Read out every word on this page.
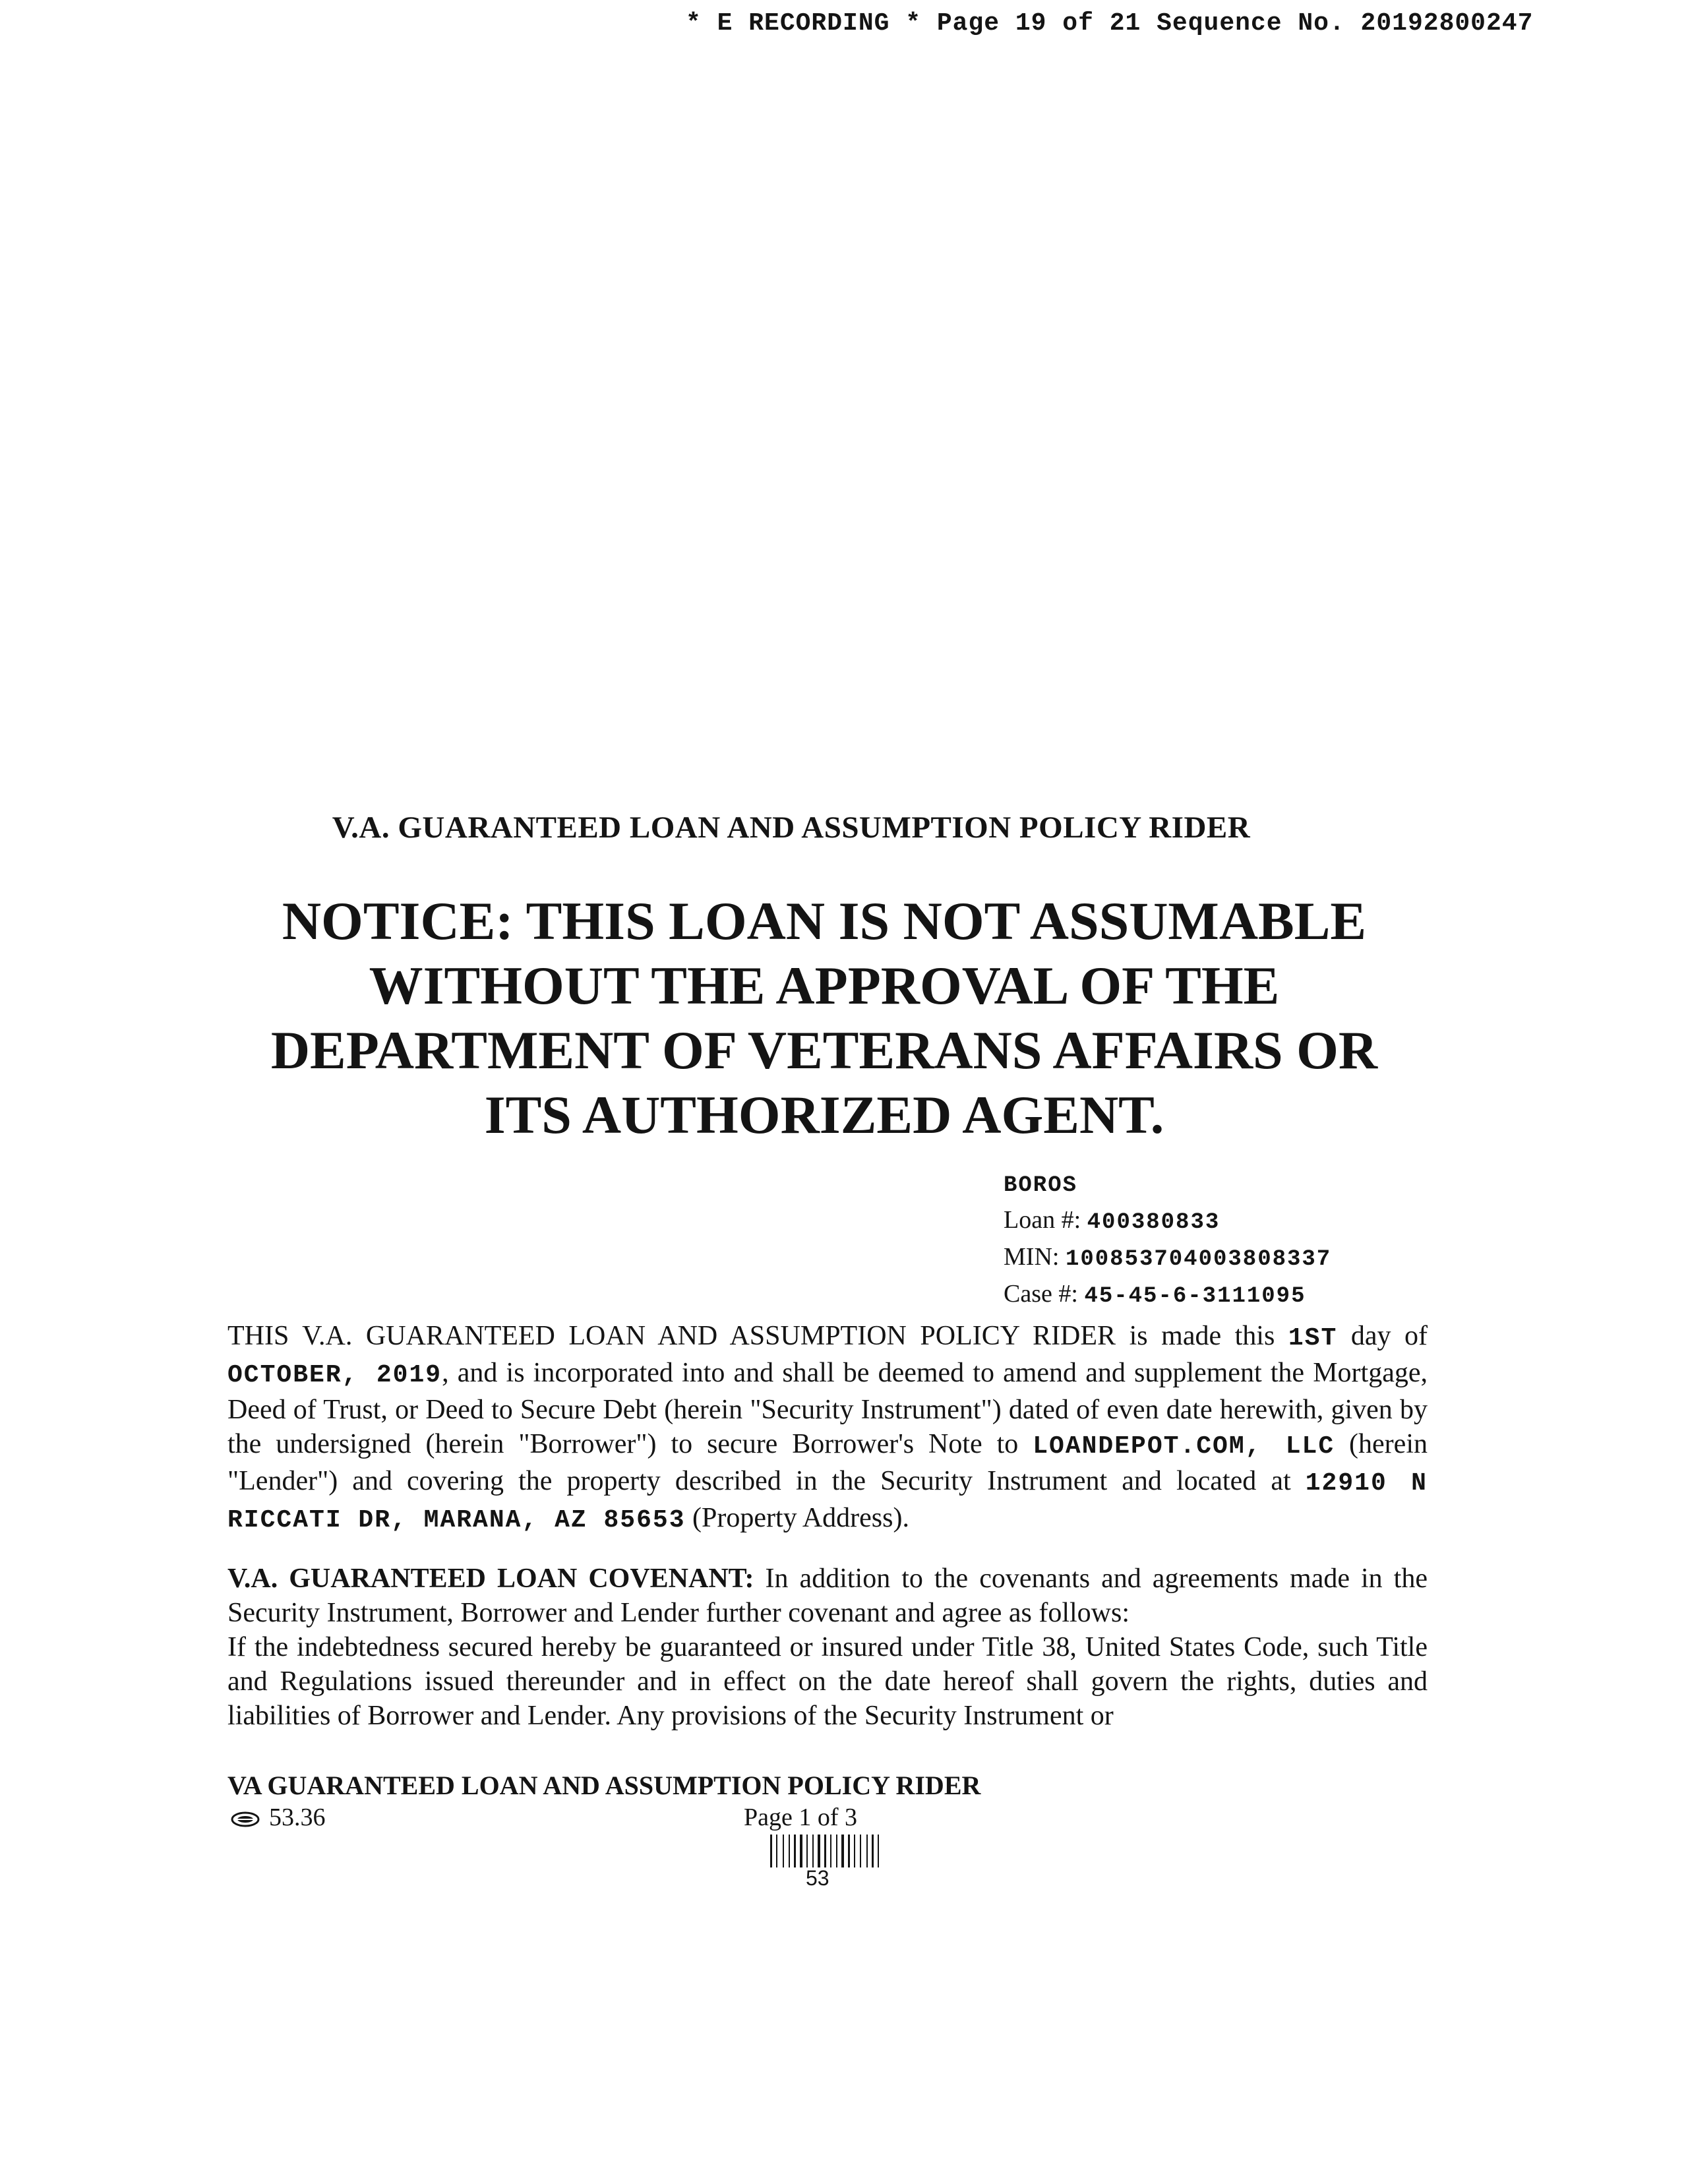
* E RECORDING * Page 19 of 21 Sequence No. 20192800247
V.A. GUARANTEED LOAN AND ASSUMPTION POLICY RIDER
NOTICE: THIS LOAN IS NOT ASSUMABLE
WITHOUT THE APPROVAL OF THE
DEPARTMENT OF VETERANS AFFAIRS OR
ITS AUTHORIZED AGENT.
BOROS
Loan #: 400380833
MIN: 100853704003808337
Case #: 45-45-6-3111095
THIS V.A. GUARANTEED LOAN AND ASSUMPTION POLICY RIDER is made this 1ST day of OCTOBER, 2019, and is incorporated into and shall be deemed to amend and supplement the Mortgage, Deed of Trust, or Deed to Secure Debt (herein "Security Instrument") dated of even date herewith, given by the undersigned (herein "Borrower") to secure Borrower's Note to LOANDEPOT.COM, LLC (herein "Lender") and covering the property described in the Security Instrument and located at 12910 N RICCATI DR, MARANA, AZ 85653 (Property Address).
V.A. GUARANTEED LOAN COVENANT: In addition to the covenants and agreements made in the Security Instrument, Borrower and Lender further covenant and agree as follows:
If the indebtedness secured hereby be guaranteed or insured under Title 38, United States Code, such Title and Regulations issued thereunder and in effect on the date hereof shall govern the rights, duties and liabilities of Borrower and Lender. Any provisions of the Security Instrument or
VA GUARANTEED LOAN AND ASSUMPTION POLICY RIDER
53.36	Page 1 of 3
53
